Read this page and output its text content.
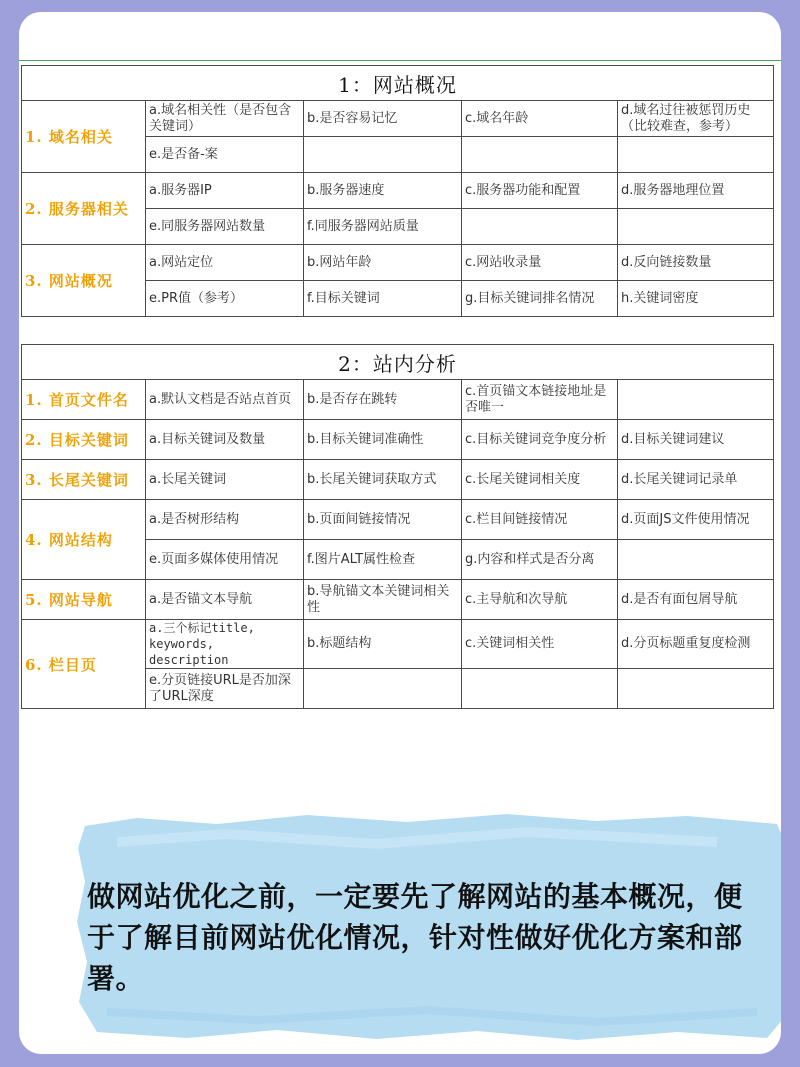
1：网站概况				
1. 域名相关	a.域名相关性（是否包含关键词）	b.是否容易记忆	c.域名年龄	d.域名过往被惩罚历史（比较难查，参考）
	e.是否备-案			
2. 服务器相关	a.服务器IP	b.服务器速度	c.服务器功能和配置	d.服务器地理位置
	e.同服务器网站数量	f.同服务器网站质量		
3. 网站概况	a.网站定位	b.网站年龄	c.网站收录量	d.反向链接数量
	e.PR值（参考）	f.目标关键词	g.目标关键词排名情况	h.关键词密度
2：站内分析				
1. 首页文件名	a.默认文档是否站点首页	b.是否存在跳转	c.首页锚文本链接地址是否唯一	
2. 目标关键词	a.目标关键词及数量	b.目标关键词准确性	c.目标关键词竞争度分析	d.目标关键词建议
3. 长尾关键词	a.长尾关键词	b.长尾关键词获取方式	c.长尾关键词相关度	d.长尾关键词记录单
4. 网站结构	a.是否树形结构	b.页面间链接情况	c.栏目间链接情况	d.页面JS文件使用情况
	e.页面多媒体使用情况	f.图片ALT属性检查	g.内容和样式是否分离	
5. 网站导航	a.是否锚文本导航	b.导航锚文本关键词相关性	c.主导航和次导航	d.是否有面包屑导航
6. 栏目页	a.三个标记title, keywords, description	b.标题结构	c.关键词相关性	d.分页标题重复度检测
	e.分页链接URL是否加深了URL深度			
做网站优化之前，一定要先了解网站的基本概况，便于了解目前网站优化情况，针对性做好优化方案和部署。
